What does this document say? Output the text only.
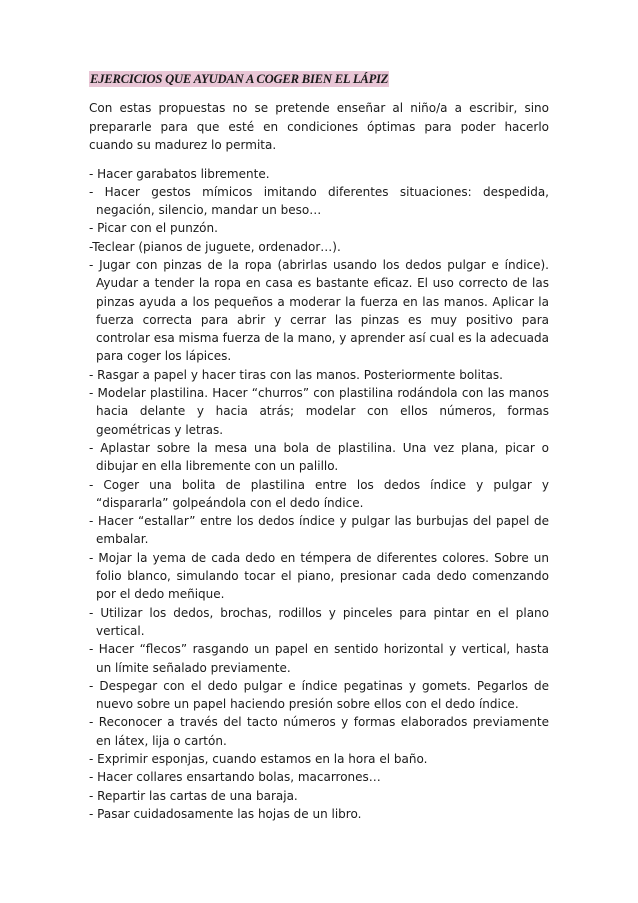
EJERCICIOS QUE AYUDAN A COGER BIEN EL LÁPIZ

Con estas propuestas no se pretende enseñar al niño/a a escribir, sino prepararle para que esté en condiciones óptimas para poder hacerlo cuando su madurez lo permita.

- Hacer garabatos libremente.
- Hacer gestos mímicos imitando diferentes situaciones: despedida, negación, silencio, mandar un beso…
- Picar con el punzón.
-Teclear (pianos de juguete, ordenador…).
- Jugar con pinzas de la ropa (abrirlas usando los dedos pulgar e índice). Ayudar a tender la ropa en casa es bastante eficaz. El uso correcto de las pinzas ayuda a los pequeños a moderar la fuerza en las manos. Aplicar la fuerza correcta para abrir y cerrar las pinzas es muy positivo para controlar esa misma fuerza de la mano, y aprender así cual es la adecuada para coger los lápices.
- Rasgar a papel y hacer tiras con las manos. Posteriormente bolitas.
- Modelar plastilina. Hacer “churros” con plastilina rodándola con las manos hacia delante y hacia atrás; modelar con ellos números, formas geométricas y letras.
- Aplastar sobre la mesa una bola de plastilina. Una vez plana, picar o dibujar en ella libremente con un palillo.
- Coger una bolita de plastilina entre los dedos índice y pulgar y “dispararla” golpeándola con el dedo índice.
- Hacer “estallar” entre los dedos índice y pulgar las burbujas del papel de embalar.
- Mojar la yema de cada dedo en témpera de diferentes colores. Sobre un folio blanco, simulando tocar el piano, presionar cada dedo comenzando por el dedo meñique.
- Utilizar los dedos, brochas, rodillos y pinceles para pintar en el plano vertical.
- Hacer “flecos” rasgando un papel en sentido horizontal y vertical, hasta un límite señalado previamente.
- Despegar con el dedo pulgar e índice pegatinas y gomets. Pegarlos de nuevo sobre un papel haciendo presión sobre ellos con el dedo índice.
- Reconocer a través del tacto números y formas elaborados previamente en látex, lija o cartón.
- Exprimir esponjas, cuando estamos en la hora el baño.
- Hacer collares ensartando bolas, macarrones…
- Repartir las cartas de una baraja.
- Pasar cuidadosamente las hojas de un libro.
